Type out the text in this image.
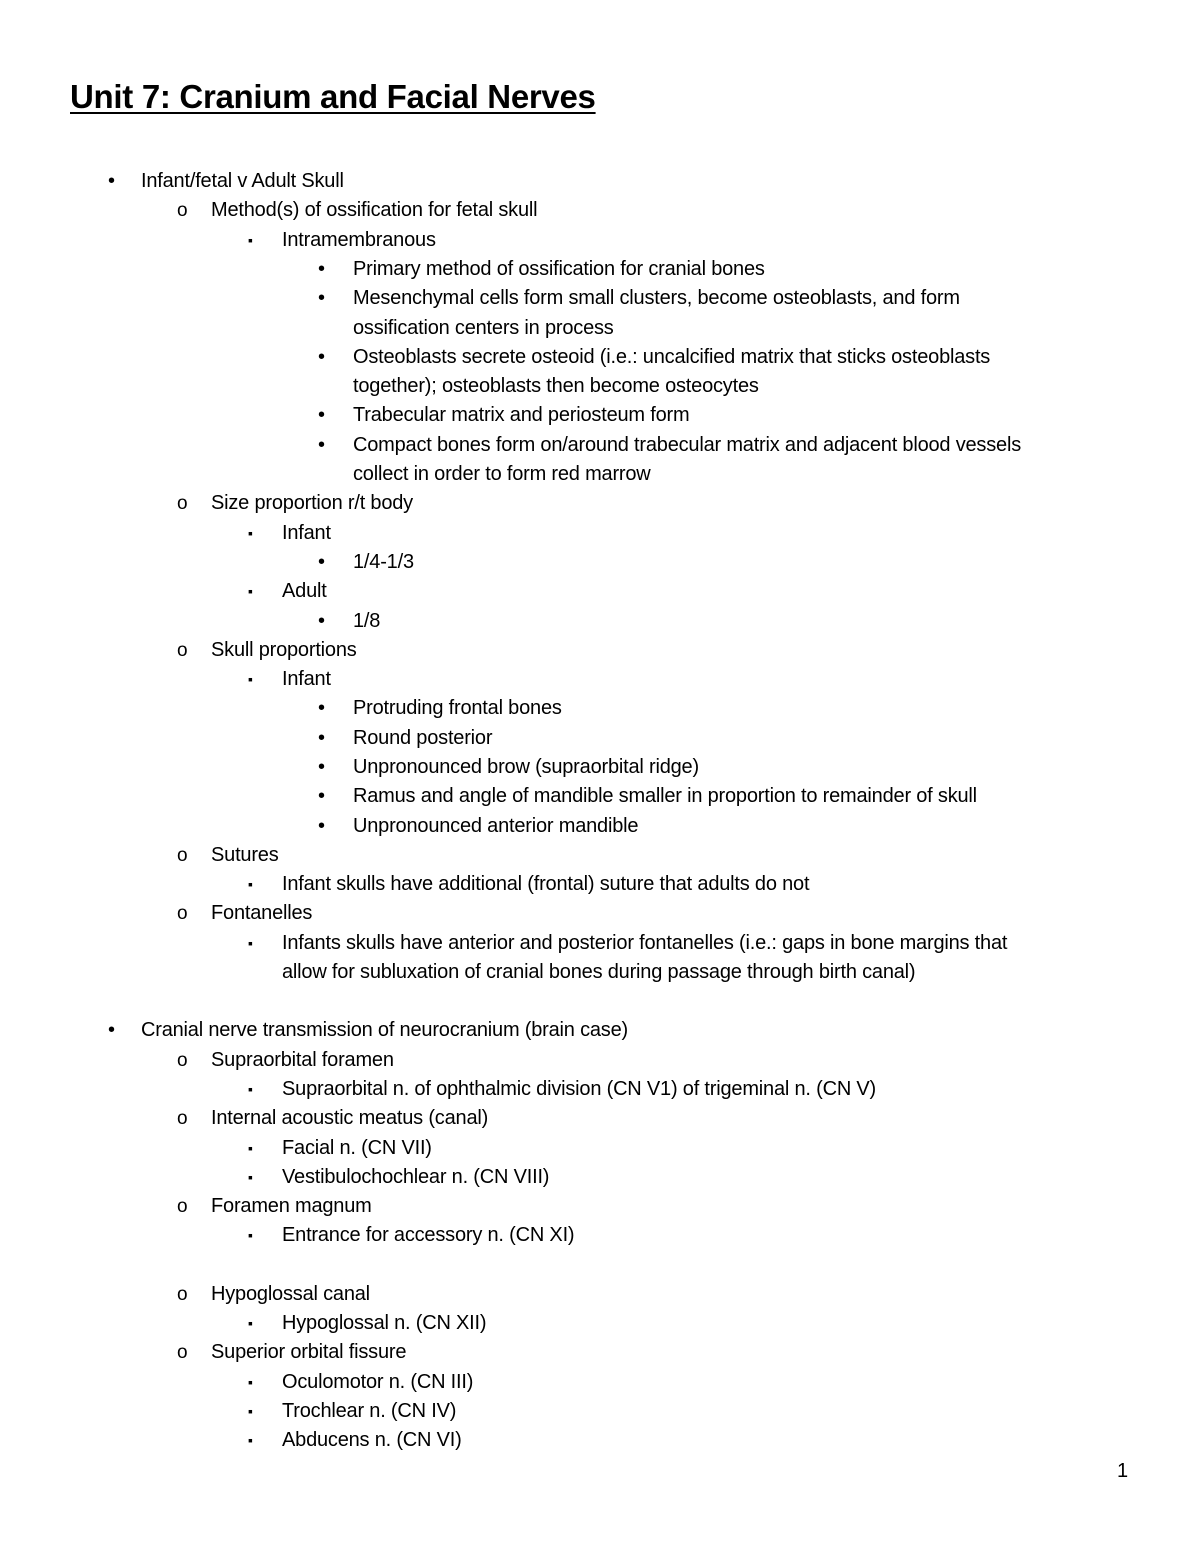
Unit 7: Cranium and Facial Nerves
• Infant/fetal v Adult Skull
o Method(s) of ossification for fetal skull
▪ Intramembranous
• Primary method of ossification for cranial bones
• Mesenchymal cells form small clusters, become osteoblasts, and form
ossification centers in process
• Osteoblasts secrete osteoid (i.e.: uncalcified matrix that sticks osteoblasts
together); osteoblasts then become osteocytes
• Trabecular matrix and periosteum form
• Compact bones form on/around trabecular matrix and adjacent blood vessels
collect in order to form red marrow
o Size proportion r/t body
▪ Infant
• 1/4-1/3
▪ Adult
• 1/8
o Skull proportions
▪ Infant
• Protruding frontal bones
• Round posterior
• Unpronounced brow (supraorbital ridge)
• Ramus and angle of mandible smaller in proportion to remainder of skull
• Unpronounced anterior mandible
o Sutures
▪ Infant skulls have additional (frontal) suture that adults do not
o Fontanelles
▪ Infants skulls have anterior and posterior fontanelles (i.e.: gaps in bone margins that
allow for subluxation of cranial bones during passage through birth canal)
• Cranial nerve transmission of neurocranium (brain case)
o Supraorbital foramen
▪ Supraorbital n. of ophthalmic division (CN V1) of trigeminal n. (CN V)
o Internal acoustic meatus (canal)
▪ Facial n. (CN VII)
▪ Vestibulochochlear n. (CN VIII)
o Foramen magnum
▪ Entrance for accessory n. (CN XI)
o Hypoglossal canal
▪ Hypoglossal n. (CN XII)
o Superior orbital fissure
▪ Oculomotor n. (CN III)
▪ Trochlear n. (CN IV)
▪ Abducens n. (CN VI)
1
